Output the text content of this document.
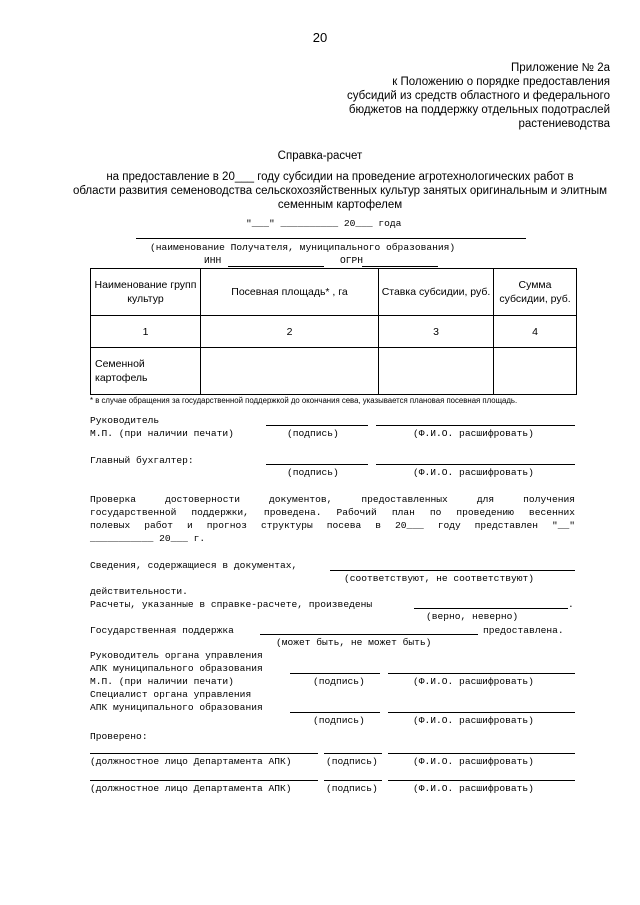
20
Приложение № 2а
к Положению о порядке предоставления
субсидий из средств областного и федерального
бюджетов на поддержку отдельных подотраслей
растениеводства
Справка-расчет
на предоставление в 20___ году субсидии на проведение агротехнологических работ в
области развития семеноводства сельскохозяйственных культур занятых оригинальным и элитным
семенным картофелем
"___" __________ 20___ года
(наименование Получателя, муниципального образования)
ИНН	ОГРН
Наименование групп культур	Посевная площадь* , га	Ставка субсидии, руб.	Сумма субсидии, руб.
1	2	3	4
Семенной картофель			
* в случае обращения за государственной поддержкой до окончания сева, указывается плановая посевная площадь.
Руководитель
М.П. (при наличии печати)	(подпись)	(Ф.И.О. расшифровать)
Главный бухгалтер:
(подпись)	(Ф.И.О. расшифровать)
Проверка достоверности документов, предоставленных для получения
государственной поддержки, проведена. Рабочий план по проведению весенних
полевых работ и прогноз структуры посева в 20___ году представлен "__"
___________ 20___ г.
Сведения, содержащиеся в документах,
(соответствуют, не соответствуют)
действительности.
Расчеты, указанные в справке-расчете, произведены	.
(верно, неверно)
Государственная поддержка	предоставлена.
(может быть, не может быть)
Руководитель органа управления
АПК муниципального образования
М.П. (при наличии печати)	(подпись)	(Ф.И.О. расшифровать)
Специалист органа управления
АПК муниципального образования
(подпись)	(Ф.И.О. расшифровать)
Проверено:
(должностное лицо Департамента АПК)	(подпись)	(Ф.И.О. расшифровать)
(должностное лицо Департамента АПК)	(подпись)	(Ф.И.О. расшифровать)
